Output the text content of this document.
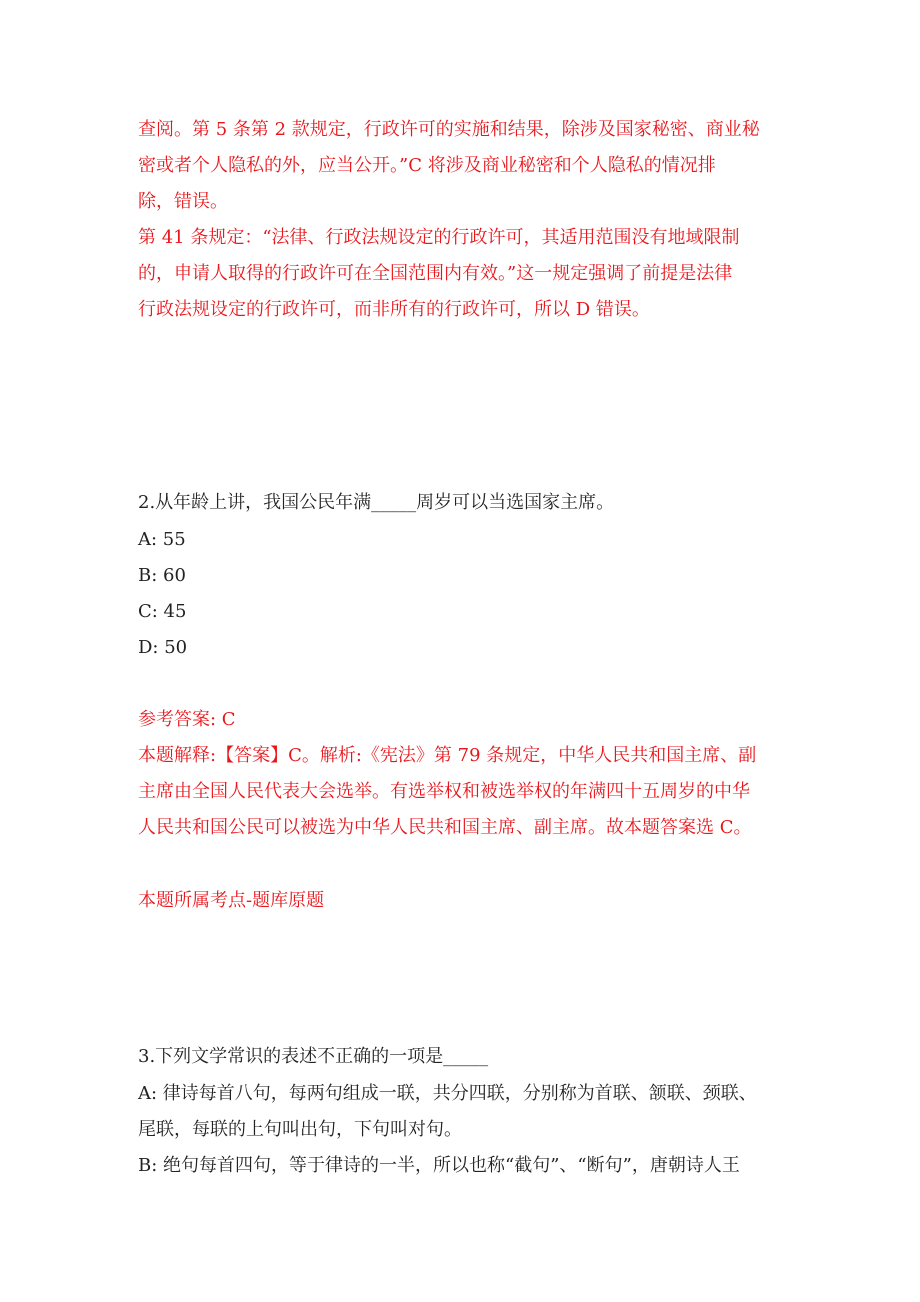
查阅。第 5 条第 2 款规定，行政许可的实施和结果，除涉及国家秘密、商业秘
密或者个人隐私的外，应当公开。”C 将涉及商业秘密和个人隐私的情况排
除，错误。
第 41 条规定：“法律、行政法规设定的行政许可，其适用范围没有地域限制
的，申请人取得的行政许可在全国范围内有效。”这一规定强调了前提是法律
行政法规设定的行政许可，而非所有的行政许可，所以 D 错误。
2.从年龄上讲，我国公民年满_____周岁可以当选国家主席。
A: 55
B: 60
C: 45
D: 50
参考答案: C
本题解释:【答案】C。解析:《宪法》第 79 条规定，中华人民共和国主席、副
主席由全国人民代表大会选举。有选举权和被选举权的年满四十五周岁的中华
人民共和国公民可以被选为中华人民共和国主席、副主席。故本题答案选 C。
本题所属考点-题库原题
3.下列文学常识的表述不正确的一项是_____
A: 律诗每首八句，每两句组成一联，共分四联，分别称为首联、颔联、颈联、
尾联，每联的上句叫出句，下句叫对句。
B: 绝句每首四句，等于律诗的一半，所以也称“截句”、“断句”，唐朝诗人王
